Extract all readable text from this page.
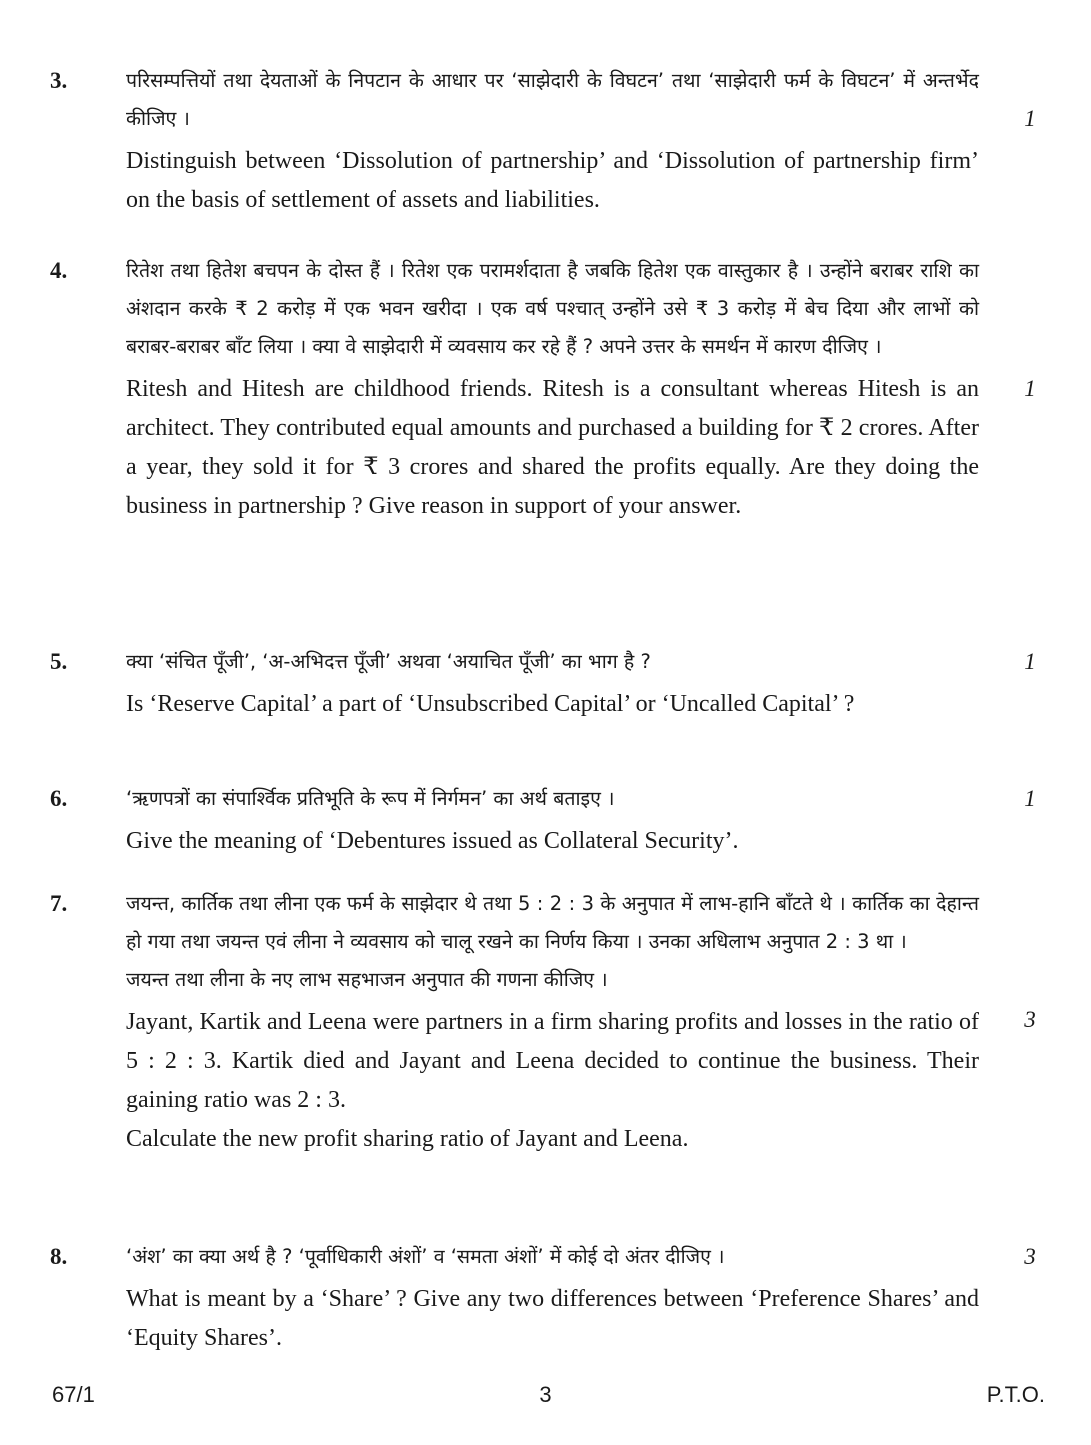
3.	परिसम्पत्तियों तथा देयताओं के निपटान के आधार पर ‘साझेदारी के विघटन’ तथा ‘साझेदारी फर्म के विघटन’ में अन्तर्भेद कीजिए ।
Distinguish between ‘Dissolution of partnership’ and ‘Dissolution of partnership firm’ on the basis of settlement of assets and liabilities.
1
4.	रितेश तथा हितेश बचपन के दोस्त हैं । रितेश एक परामर्शदाता है जबकि हितेश एक वास्तुकार है । उन्होंने बराबर राशि का अंशदान करके ₹ 2 करोड़ में एक भवन खरीदा । एक वर्ष पश्चात् उन्होंने उसे ₹ 3 करोड़ में बेच दिया और लाभों को बराबर-बराबर बाँट लिया । क्या वे साझेदारी में व्यवसाय कर रहे हैं ? अपने उत्तर के समर्थन में कारण दीजिए ।
Ritesh and Hitesh are childhood friends. Ritesh is a consultant whereas Hitesh is an architect. They contributed equal amounts and purchased a building for ₹ 2 crores. After a year, they sold it for ₹ 3 crores and shared the profits equally. Are they doing the business in partnership ? Give reason in support of your answer.
1
5.	क्या ‘संचित पूँजी’, ‘अ-अभिदत्त पूँजी’ अथवा ‘अयाचित पूँजी’ का भाग है ?
Is ‘Reserve Capital’ a part of ‘Unsubscribed Capital’ or ‘Uncalled Capital’ ?
1
6.	‘ऋणपत्रों का संपार्श्विक प्रतिभूति के रूप में निर्गमन’ का अर्थ बताइए ।
Give the meaning of ‘Debentures issued as Collateral Security’.
1
7.	जयन्त, कार्तिक तथा लीना एक फर्म के साझेदार थे तथा 5 : 2 : 3 के अनुपात में लाभ-हानि बाँटते थे । कार्तिक का देहान्त हो गया तथा जयन्त एवं लीना ने व्यवसाय को चालू रखने का निर्णय किया । उनका अधिलाभ अनुपात 2 : 3 था ।
जयन्त तथा लीना के नए लाभ सहभाजन अनुपात की गणना कीजिए ।
Jayant, Kartik and Leena were partners in a firm sharing profits and losses in the ratio of 5 : 2 : 3. Kartik died and Jayant and Leena decided to continue the business. Their gaining ratio was 2 : 3.
Calculate the new profit sharing ratio of Jayant and Leena.
3
8.	‘अंश’ का क्या अर्थ है ? ‘पूर्वाधिकारी अंशों’ व ‘समता अंशों’ में कोई दो अंतर दीजिए ।
What is meant by a ‘Share’ ? Give any two differences between ‘Preference Shares’ and ‘Equity Shares’.
3
3
67/1	P.T.O.
